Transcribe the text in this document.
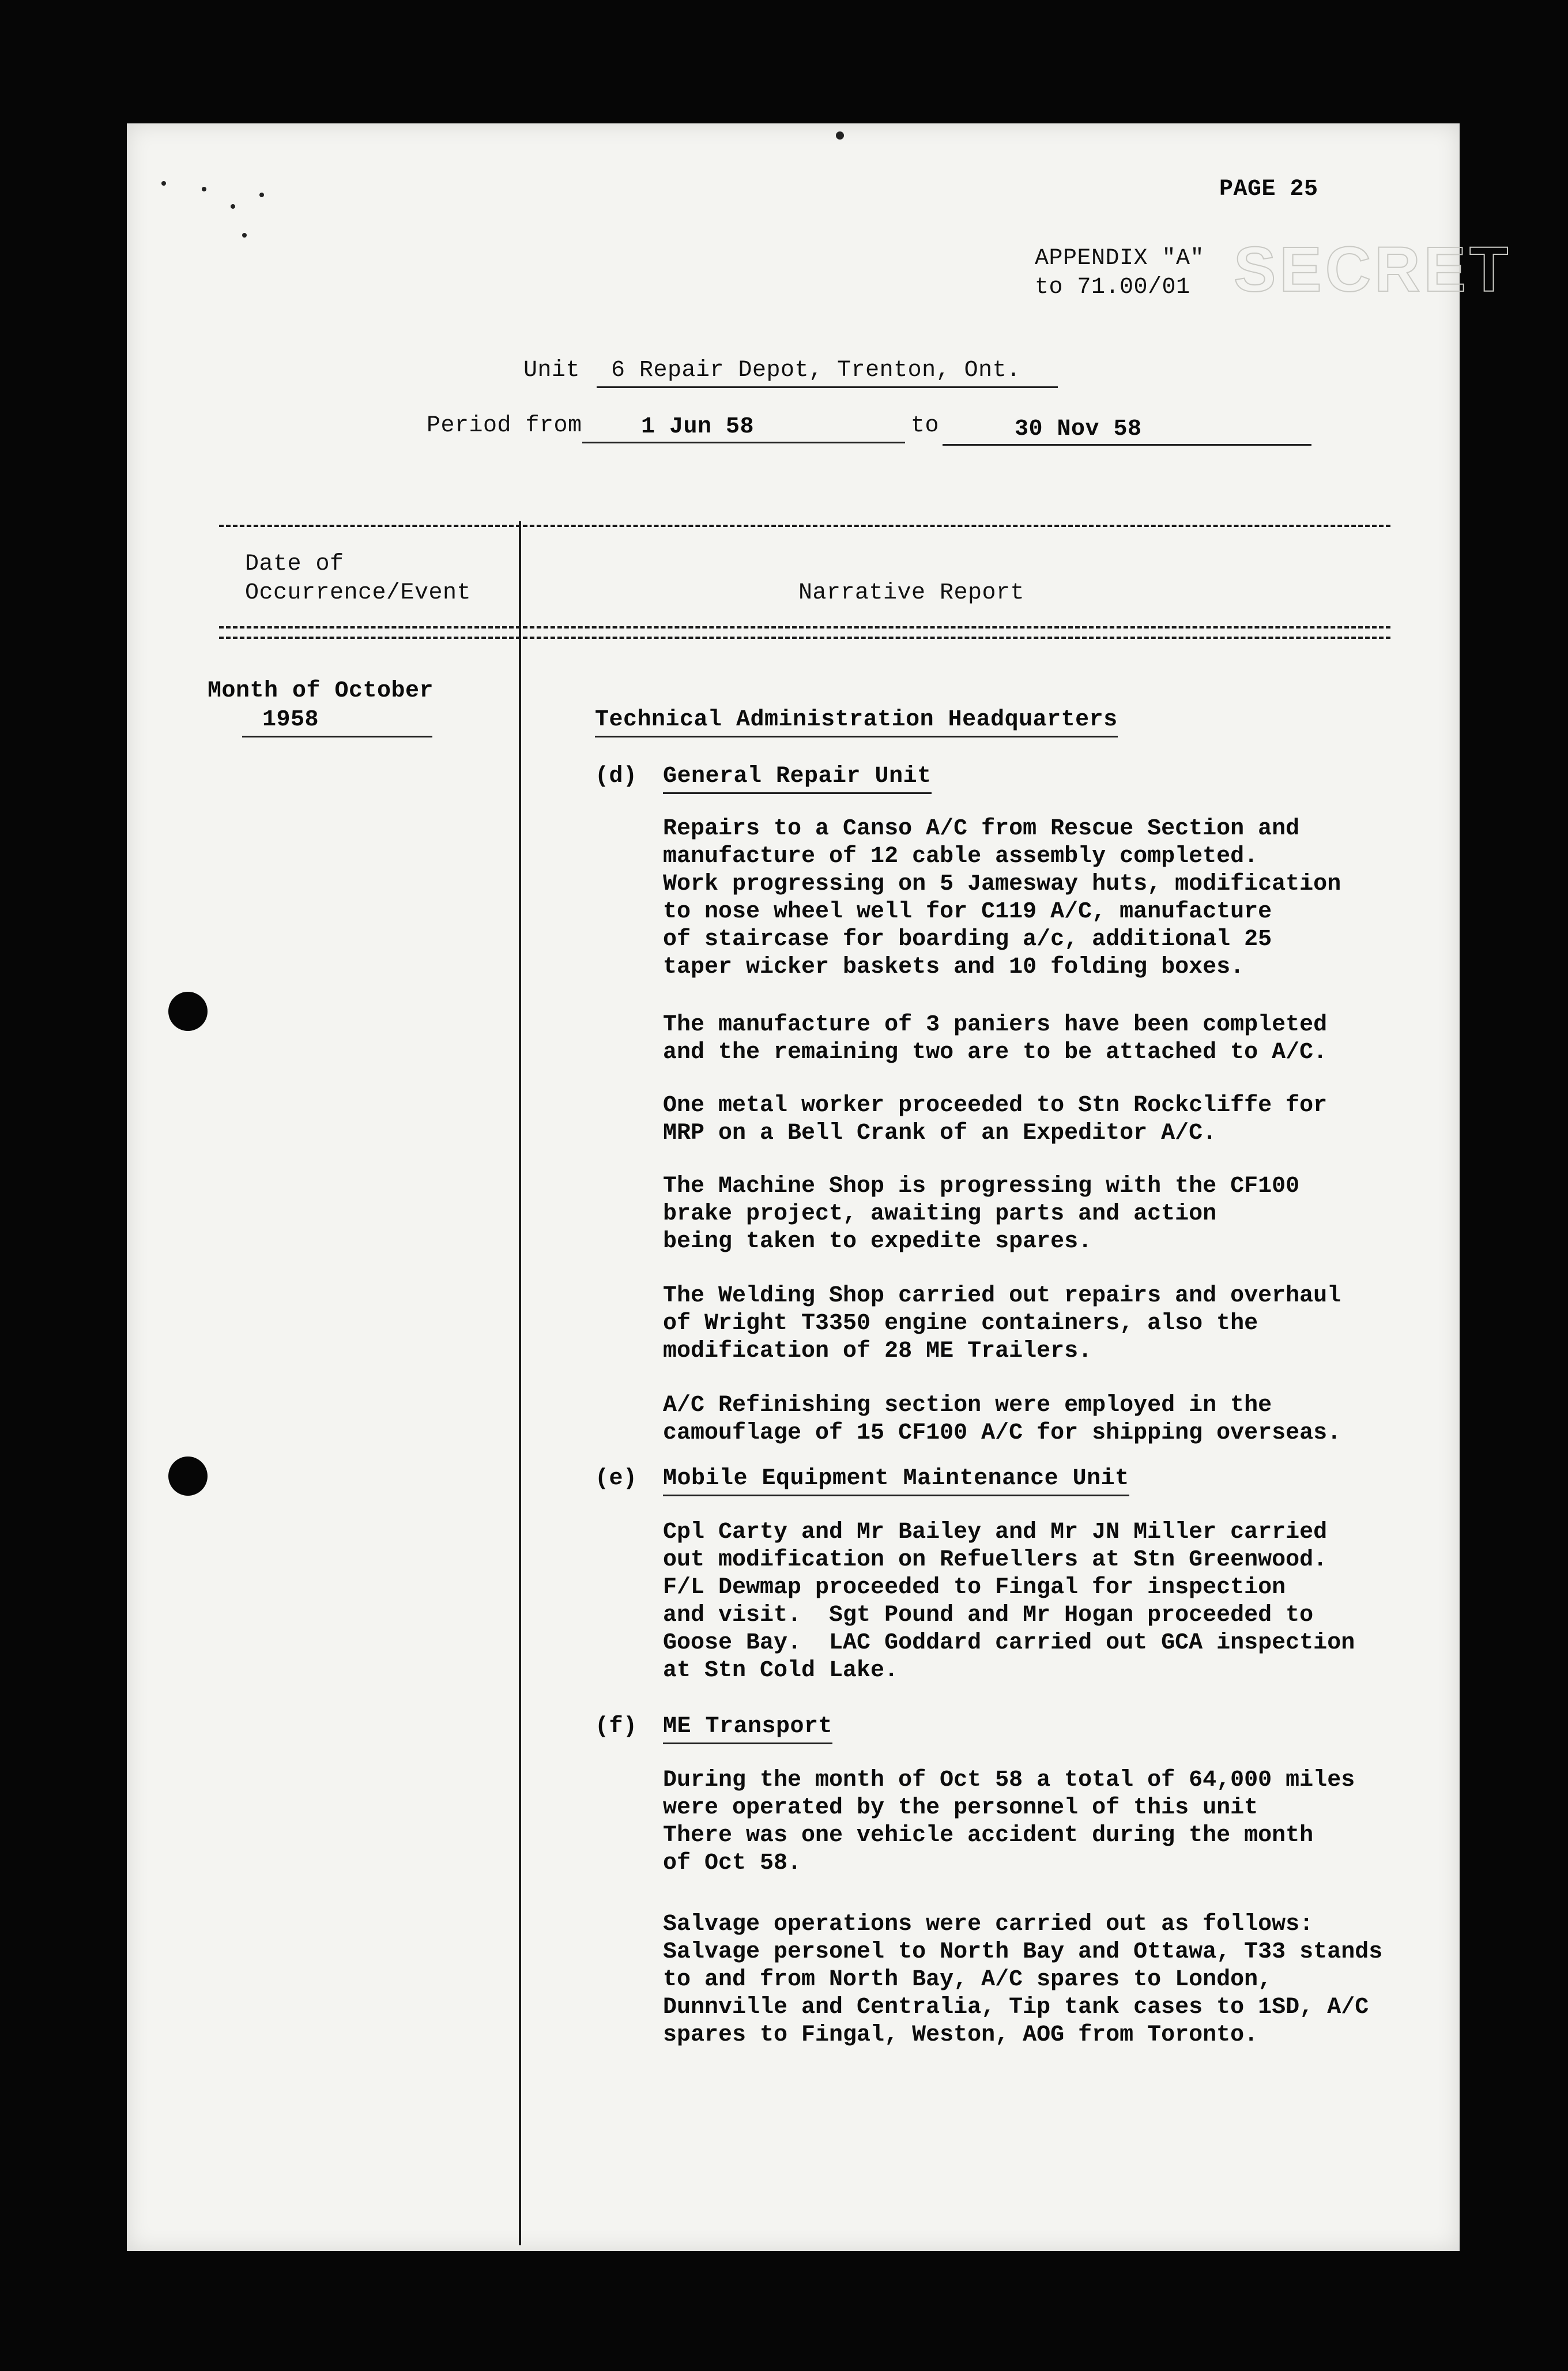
SECRET
PAGE 25
APPENDIX "A"
to 71.00/01
Unit 6 Repair Depot, Trenton, Ont.
Period from	1 Jun 58	to	30 Nov 58
Date of
Occurrence/Event	Narrative Report
Month of October
1958	Technical Administration Headquarters
(d) General Repair Unit
Repairs to a Canso A/C from Rescue Section and
manufacture of 12 cable assembly completed.
Work progressing on 5 Jamesway huts, modification
to nose wheel well for C119 A/C, manufacture
of staircase for boarding a/c, additional 25
taper wicker baskets and 10 folding boxes.
The manufacture of 3 paniers have been completed
and the remaining two are to be attached to A/C.
One metal worker proceeded to Stn Rockcliffe for
MRP on a Bell Crank of an Expeditor A/C.
The Machine Shop is progressing with the CF100
brake project, awaiting parts and action
being taken to expedite spares.
The Welding Shop carried out repairs and overhaul
of Wright T3350 engine containers, also the
modification of 28 ME Trailers.
A/C Refinishing section were employed in the
camouflage of 15 CF100 A/C for shipping overseas.
(e) Mobile Equipment Maintenance Unit
Cpl Carty and Mr Bailey and Mr JN Miller carried
out modification on Refuellers at Stn Greenwood.
F/L Dewmap proceeded to Fingal for inspection
and visit.  Sgt Pound and Mr Hogan proceeded to
Goose Bay.  LAC Goddard carried out GCA inspection
at Stn Cold Lake.
(f) ME Transport
During the month of Oct 58 a total of 64,000 miles
were operated by the personnel of this unit
There was one vehicle accident during the month
of Oct 58.
Salvage operations were carried out as follows:
Salvage personel to North Bay and Ottawa, T33 stands
to and from North Bay, A/C spares to London,
Dunnville and Centralia, Tip tank cases to 1SD, A/C
spares to Fingal, Weston, AOG from Toronto.
